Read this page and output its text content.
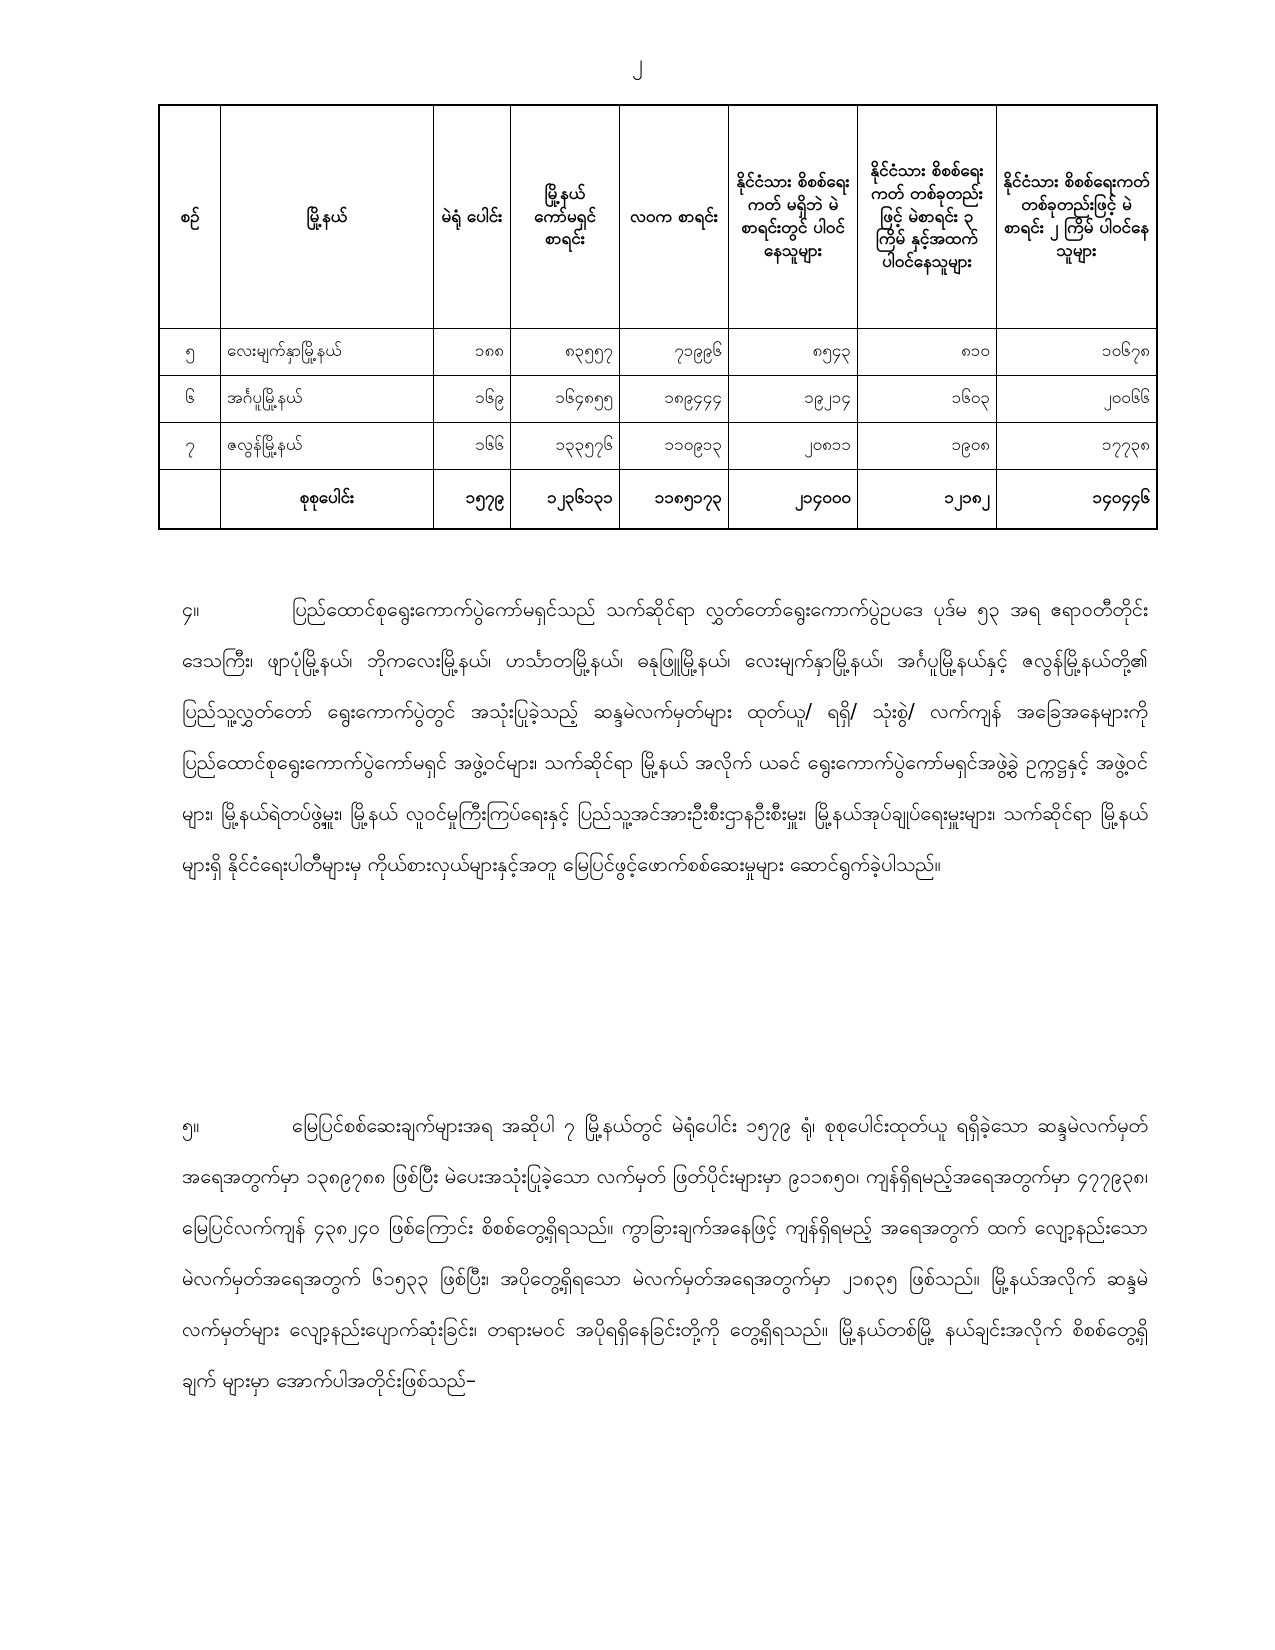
၂
စဉ်	မြို့နယ်	မဲရုံ ပေါင်း	မြို့နယ် ကော်မရှင် စာရင်း	လဝက စာရင်း	နိုင်ငံသား စိစစ်ရေးကတ် မရှိဘဲ မဲစာရင်းတွင် ပါဝင်နေသူများ	နိုင်ငံသား စိစစ်ရေးကတ် တစ်ခုတည်းဖြင့် မဲစာရင်း ၃ ကြိမ် နှင့်အထက် ပါဝင်နေသူများ	နိုင်ငံသား စိစစ်ရေးကတ် တစ်ခုတည်းဖြင့် မဲစာရင်း ၂ ကြိမ် ပါဝင်နေသူများ
၅	လေးမျက်နှာမြို့နယ်	၁၈၈	၈၃၅၅၇	၇၁၉၉၆	၈၅၄၃	၈၁၀	၁၀၆၇၈
၆	အင်္ဂပူမြို့နယ်	၁၆၉	၁၆၄၈၅၅	၁၈၉၄၄၄	၁၉၂၁၄	၁၆၀၃	၂၀၀၆၆
၇	ဇလွန်မြို့နယ်	၁၆၆	၁၃၃၅၇၆	၁၁၀၉၁၃	၂၀၈၁၁	၁၉၀၈	၁၇၇၃၈
	စုစုပေါင်း	၁၅၇၉	၁၂၃၆၁၃၁	၁၁၈၅၁၇၃	၂၁၄၀၀၀	၁၂၁၈၂	၁၄၀၄၄၆
၄။	ပြည်ထောင်စုရွေးကောက်ပွဲကော်မရှင်သည် သက်ဆိုင်ရာ လွှတ်တော်ရွေးကောက်ပွဲဥပဒေ ပုဒ်မ ၅၃ အရ ဧရာဝတီတိုင်းဒေသကြီး၊ ဖျာပုံမြို့နယ်၊ ဘိုကလေးမြို့နယ်၊ ဟင်္သာတမြို့နယ်၊ ဓနုဖြူမြို့နယ်၊ လေးမျက်နှာမြို့နယ်၊ အင်္ဂပူမြို့နယ်နှင့် ဇလွန်မြို့နယ်တို့၏ ပြည်သူ့လွှတ်တော် ရွေးကောက်ပွဲတွင် အသုံးပြုခဲ့သည့် ဆန္ဒမဲလက်မှတ်များ ထုတ်ယူ/ ရရှိ/ သုံးစွဲ/ လက်ကျန် အခြေအနေများကို ပြည်ထောင်စုရွေးကောက်ပွဲကော်မရှင် အဖွဲ့ဝင်များ၊ သက်ဆိုင်ရာ မြို့နယ် အလိုက် ယခင် ရွေးကောက်ပွဲကော်မရှင်အဖွဲ့ခွဲ ဥက္ကဋ္ဌနှင့် အဖွဲ့ဝင်များ၊ မြို့နယ်ရဲတပ်ဖွဲ့မှူး၊ မြို့နယ် လူဝင်မှုကြီးကြပ်ရေးနှင့် ပြည်သူ့အင်အားဦးစီးဌာနဦးစီးမှူး၊ မြို့နယ်အုပ်ချုပ်ရေးမှူးများ၊ သက်ဆိုင်ရာ မြို့နယ်များရှိ နိုင်ငံရေးပါတီများမှ ကိုယ်စားလှယ်များနှင့်အတူ မြေပြင်ဖွင့်ဖောက်စစ်ဆေးမှုများ ဆောင်ရွက်ခဲ့ပါသည်။
၅။	မြေပြင်စစ်ဆေးချက်များအရ အဆိုပါ ၇ မြို့နယ်တွင် မဲရုံပေါင်း ၁၅၇၉ ရုံ၊ စုစုပေါင်းထုတ်ယူ ရရှိခဲ့သော ဆန္ဒမဲလက်မှတ်အရေအတွက်မှာ ၁၃၈၉၇၈၈ ဖြစ်ပြီး မဲပေးအသုံးပြုခဲ့သော လက်မှတ် ဖြတ်ပိုင်းများမှာ ၉၁၁၈၅၀၊ ကျန်ရှိရမည့်အရေအတွက်မှာ ၄၇၇၉၃၈၊ မြေပြင်လက်ကျန် ၄၃၈၂၄၀ ဖြစ်ကြောင်း စိစစ်တွေ့ရှိရသည်။ ကွာခြားချက်အနေဖြင့် ကျန်ရှိရမည့် အရေအတွက် ထက် လျော့နည်းသော မဲလက်မှတ်အရေအတွက် ၆၁၅၃၃ ဖြစ်ပြီး၊ အပိုတွေ့ရှိရသော မဲလက်မှတ်အရေအတွက်မှာ ၂၁၈၃၅ ဖြစ်သည်။ မြို့နယ်အလိုက် ဆန္ဒမဲလက်မှတ်များ လျော့နည်းပျောက်ဆုံးခြင်း၊ တရားမဝင် အပိုရရှိနေခြင်းတို့ကို တွေ့ရှိရသည်။ မြို့နယ်တစ်မြို့ နယ်ချင်းအလိုက် စိစစ်တွေ့ရှိချက် များမှာ အောက်ပါအတိုင်းဖြစ်သည်–
